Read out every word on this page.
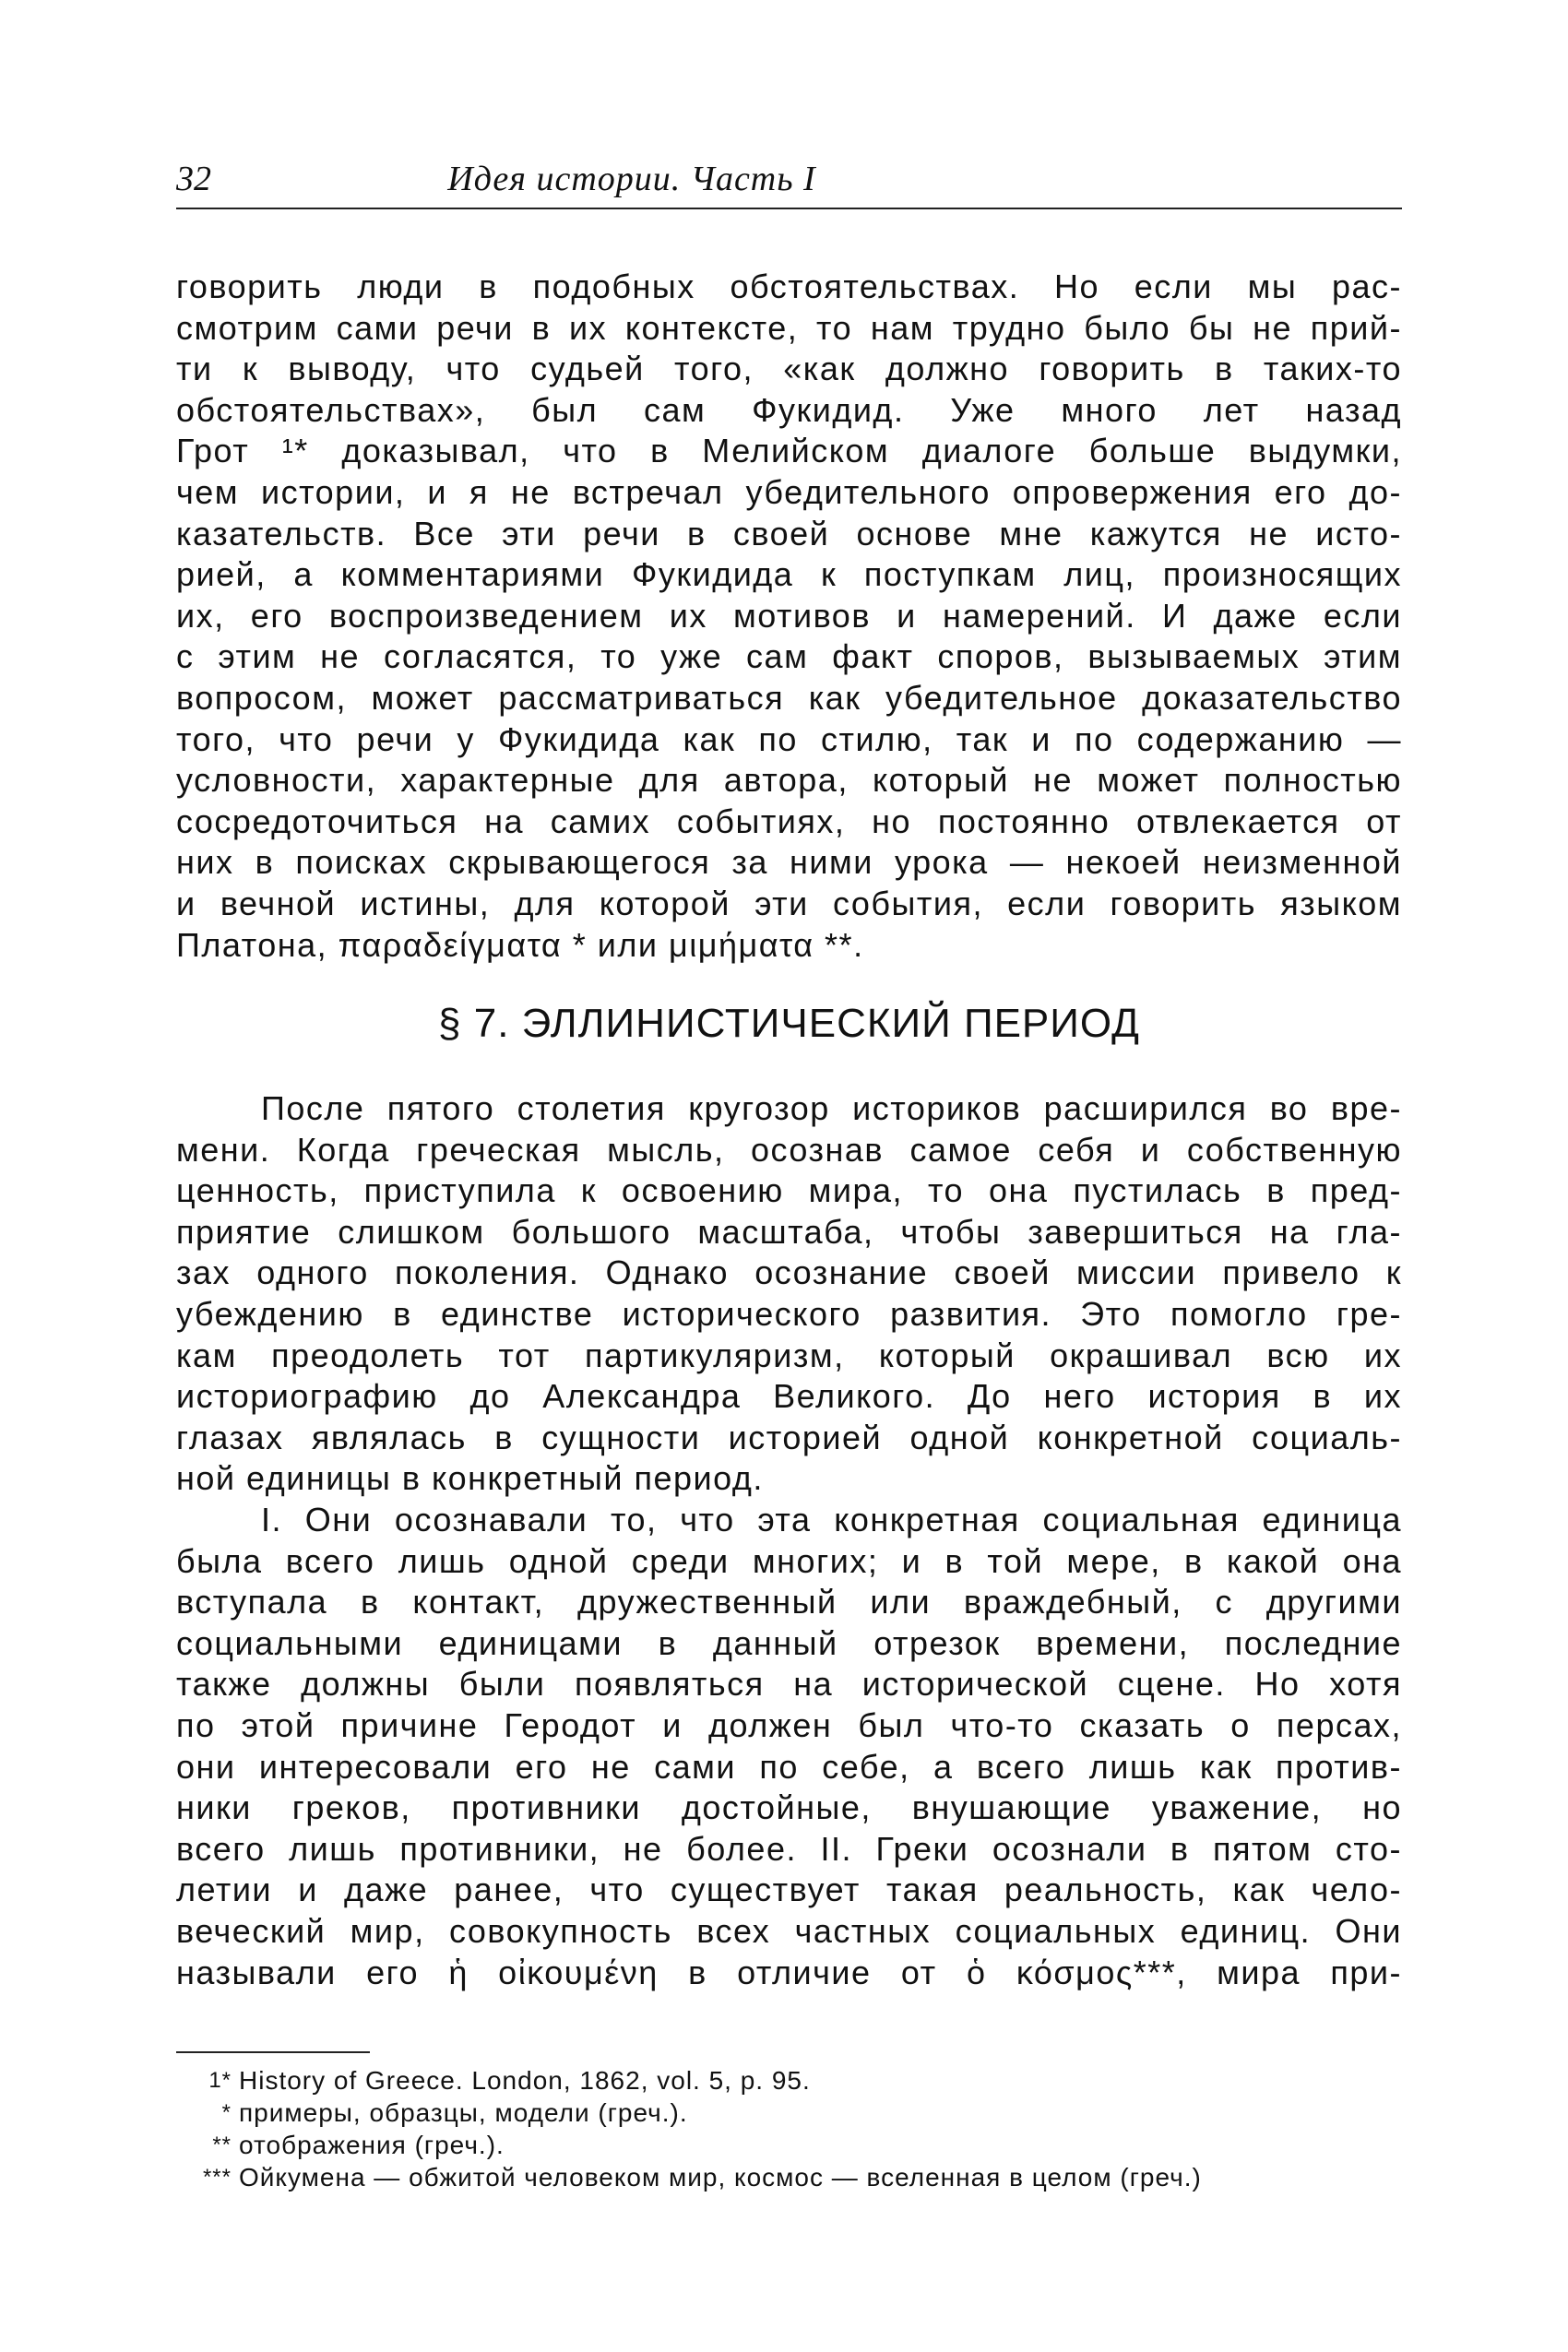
32	Идея истории. Часть I
говорить люди в подобных обстоятельствах. Но если мы рас-
смотрим сами речи в их контексте, то нам трудно было бы не прий-
ти к выводу, что судьей того, «как должно говорить в таких-то
обстоятельствах», был сам Фукидид. Уже много лет назад
Грот ¹* доказывал, что в Мелийском диалоге больше выдумки,
чем истории, и я не встречал убедительного опровержения его до-
казательств. Все эти речи в своей основе мне кажутся не исто-
рией, а комментариями Фукидида к поступкам лиц, произносящих
их, его воспроизведением их мотивов и намерений. И даже если
с этим не согласятся, то уже сам факт споров, вызываемых этим
вопросом, может рассматриваться как убедительное доказательство
того, что речи у Фукидида как по стилю, так и по содержанию —
условности, характерные для автора, который не может полностью
сосредоточиться на самих событиях, но постоянно отвлекается от
них в поисках скрывающегося за ними урока — некоей неизменной
и вечной истины, для которой эти события, если говорить языком
Платона, παραδείγματα * или μιμήματα **.
§ 7. ЭЛЛИНИСТИЧЕСКИЙ ПЕРИОД
После пятого столетия кругозор историков расширился во вре-
мени. Когда греческая мысль, осознав самое себя и собственную
ценность, приступила к освоению мира, то она пустилась в пред-
приятие слишком большого масштаба, чтобы завершиться на гла-
зах одного поколения. Однако осознание своей миссии привело к
убеждению в единстве исторического развития. Это помогло гре-
кам преодолеть тот партикуляризм, который окрашивал всю их
историографию до Александра Великого. До него история в их
глазах являлась в сущности историей одной конкретной социаль-
ной единицы в конкретный период.
I. Они осознавали то, что эта конкретная социальная единица
была всего лишь одной среди многих; и в той мере, в какой она
вступала в контакт, дружественный или враждебный, с другими
социальными единицами в данный отрезок времени, последние
также должны были появляться на исторической сцене. Но хотя
по этой причине Геродот и должен был что-то сказать о персах,
они интересовали его не сами по себе, а всего лишь как против-
ники греков, противники достойные, внушающие уважение, но
всего лишь противники, не более. II. Греки осознали в пятом сто-
летии и даже ранее, что существует такая реальность, как чело-
веческий мир, совокупность всех частных социальных единиц. Они
называли его ἡ οἰκουμένη в отличие от ὁ κόσμος***, мира при-
1* History of Greece. London, 1862, vol. 5, p. 95.
* примеры, образцы, модели (греч.).
** отображения (греч.).
*** Ойкумена — обжитой человеком мир, космос — вселенная в целом (греч.)
